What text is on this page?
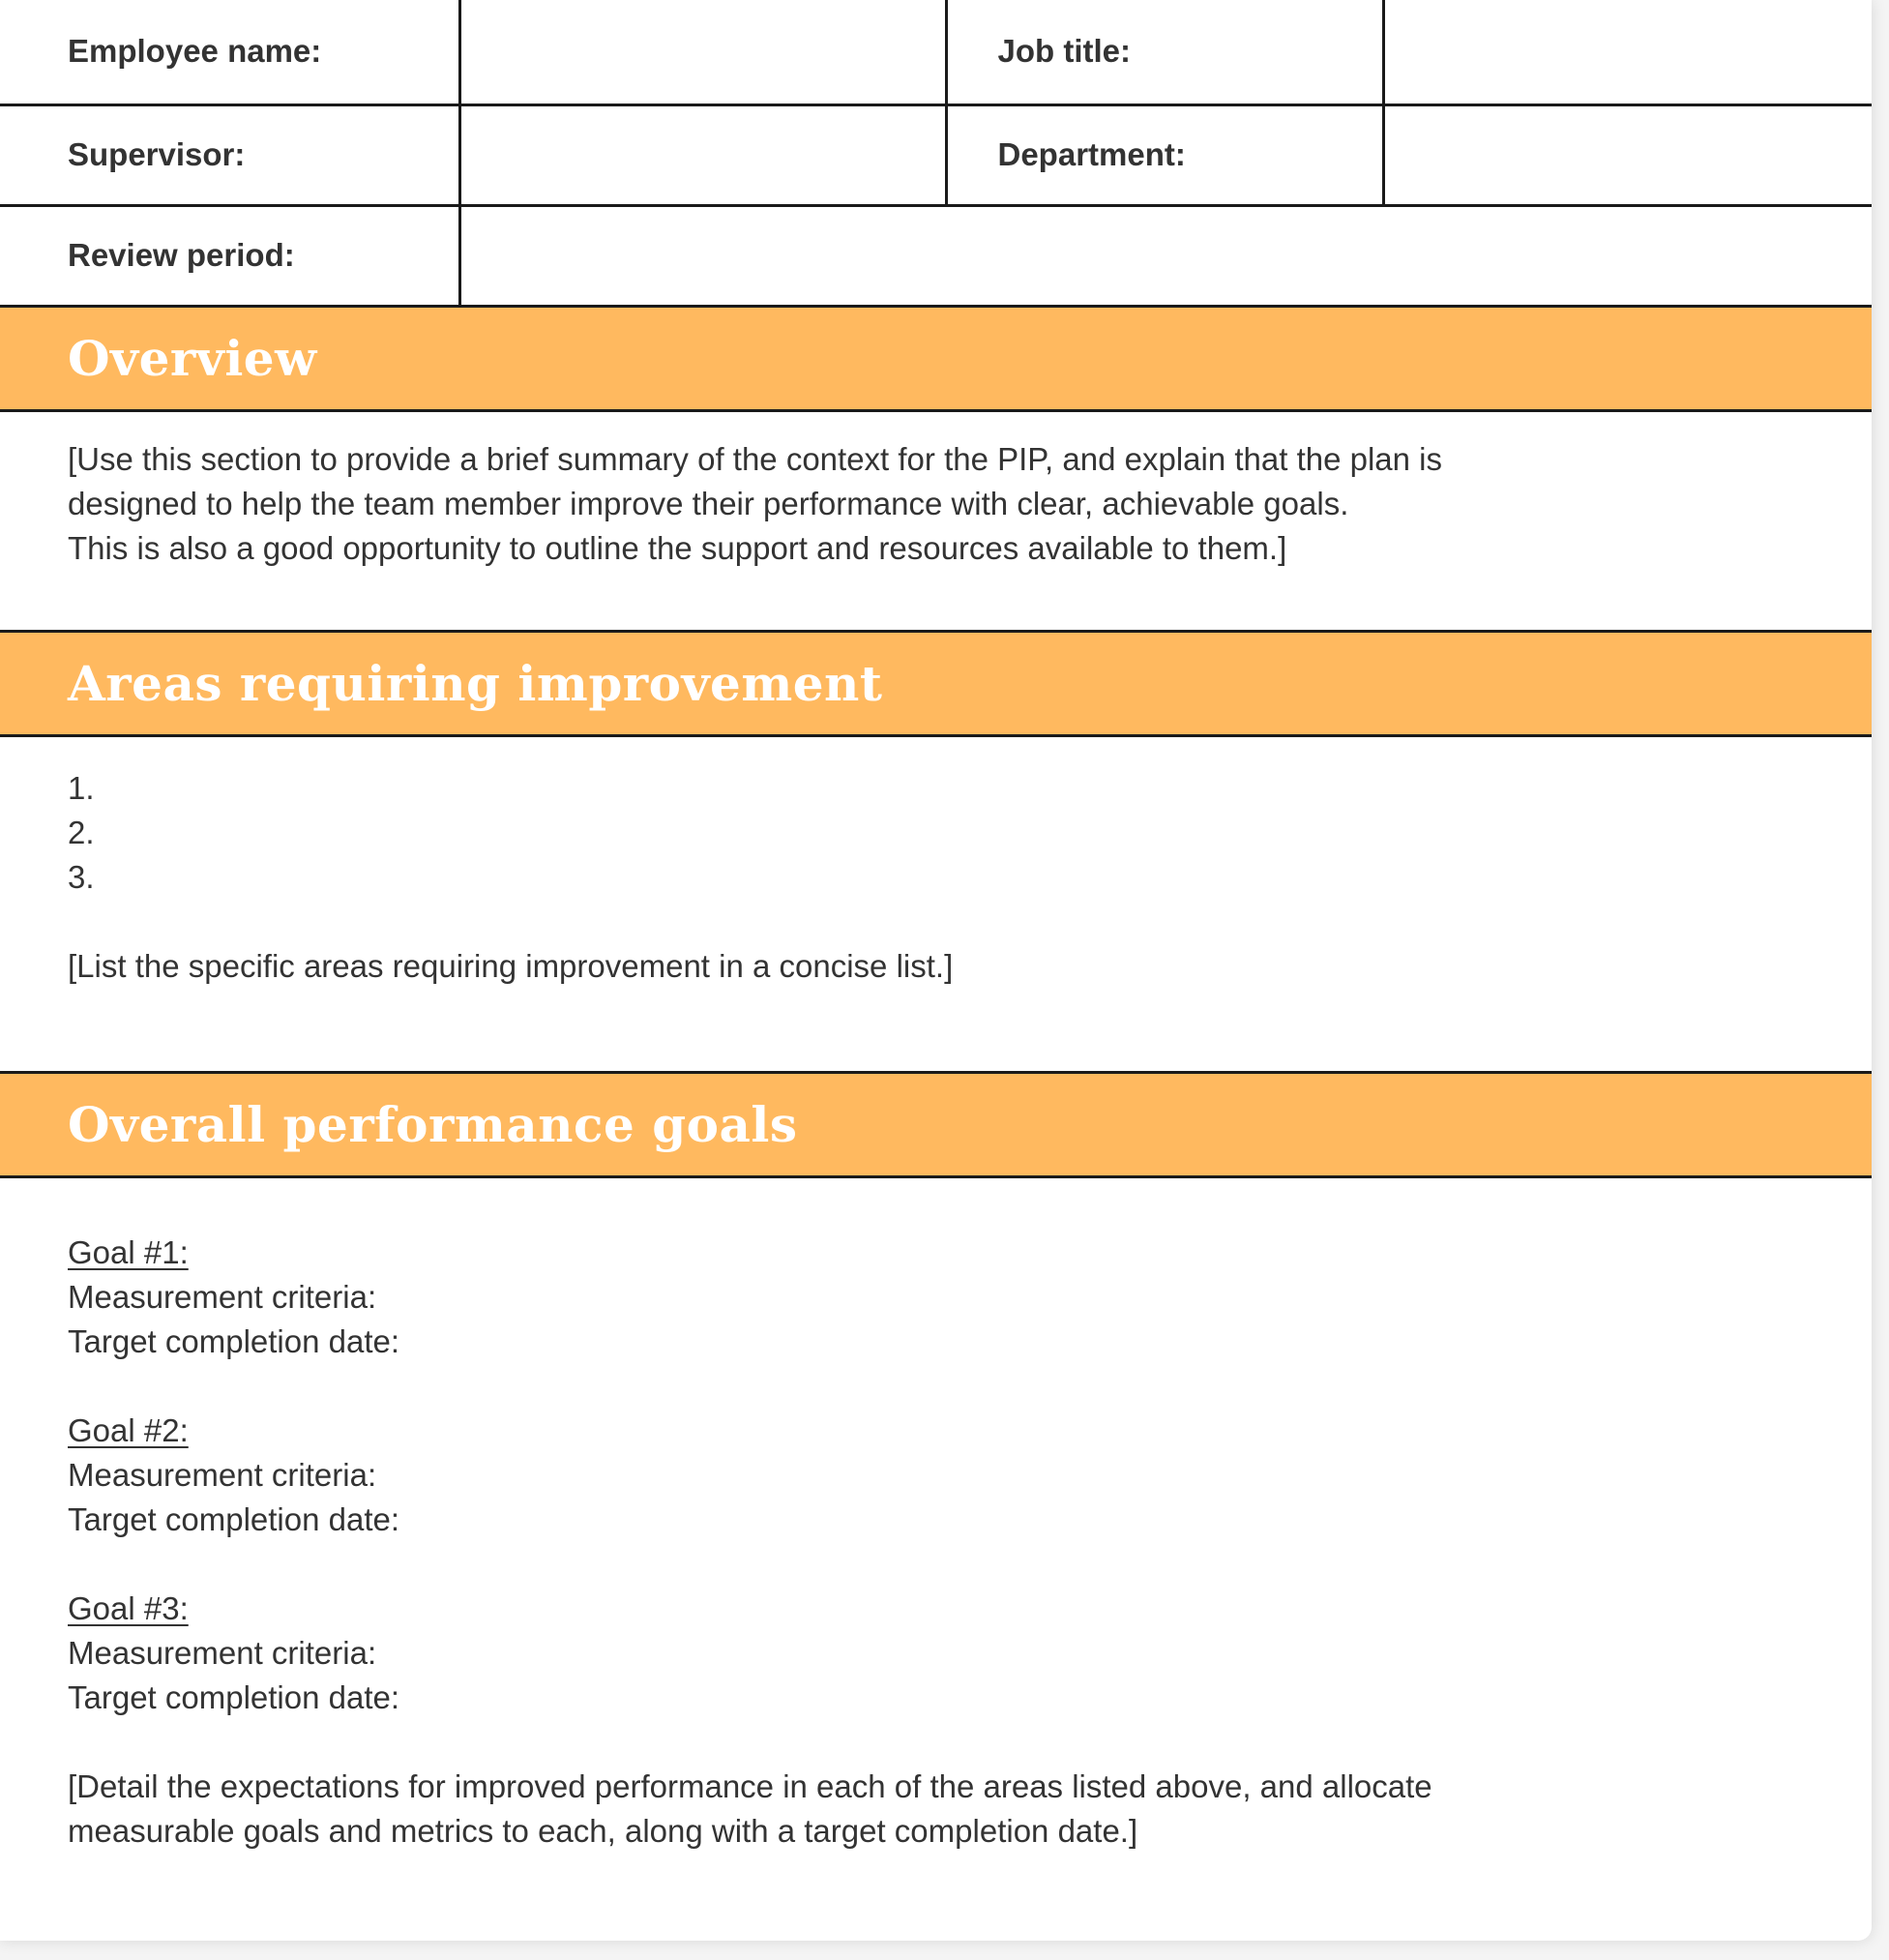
Employee name:		Job title:	
Supervisor:		Department:	
Review period:			
Overview
[Use this section to provide a brief summary of the context for the PIP, and explain that the plan is
designed to help the team member improve their performance with clear, achievable goals.
This is also a good opportunity to outline the support and resources available to them.]
Areas requiring improvement
1.
2.
3.
[List the specific areas requiring improvement in a concise list.]
Overall performance goals
Goal #1:
Measurement criteria:
Target completion date:
Goal #2:
Measurement criteria:
Target completion date:
Goal #3:
Measurement criteria:
Target completion date:
[Detail the expectations for improved performance in each of the areas listed above, and allocate
measurable goals and metrics to each, along with a target completion date.]
